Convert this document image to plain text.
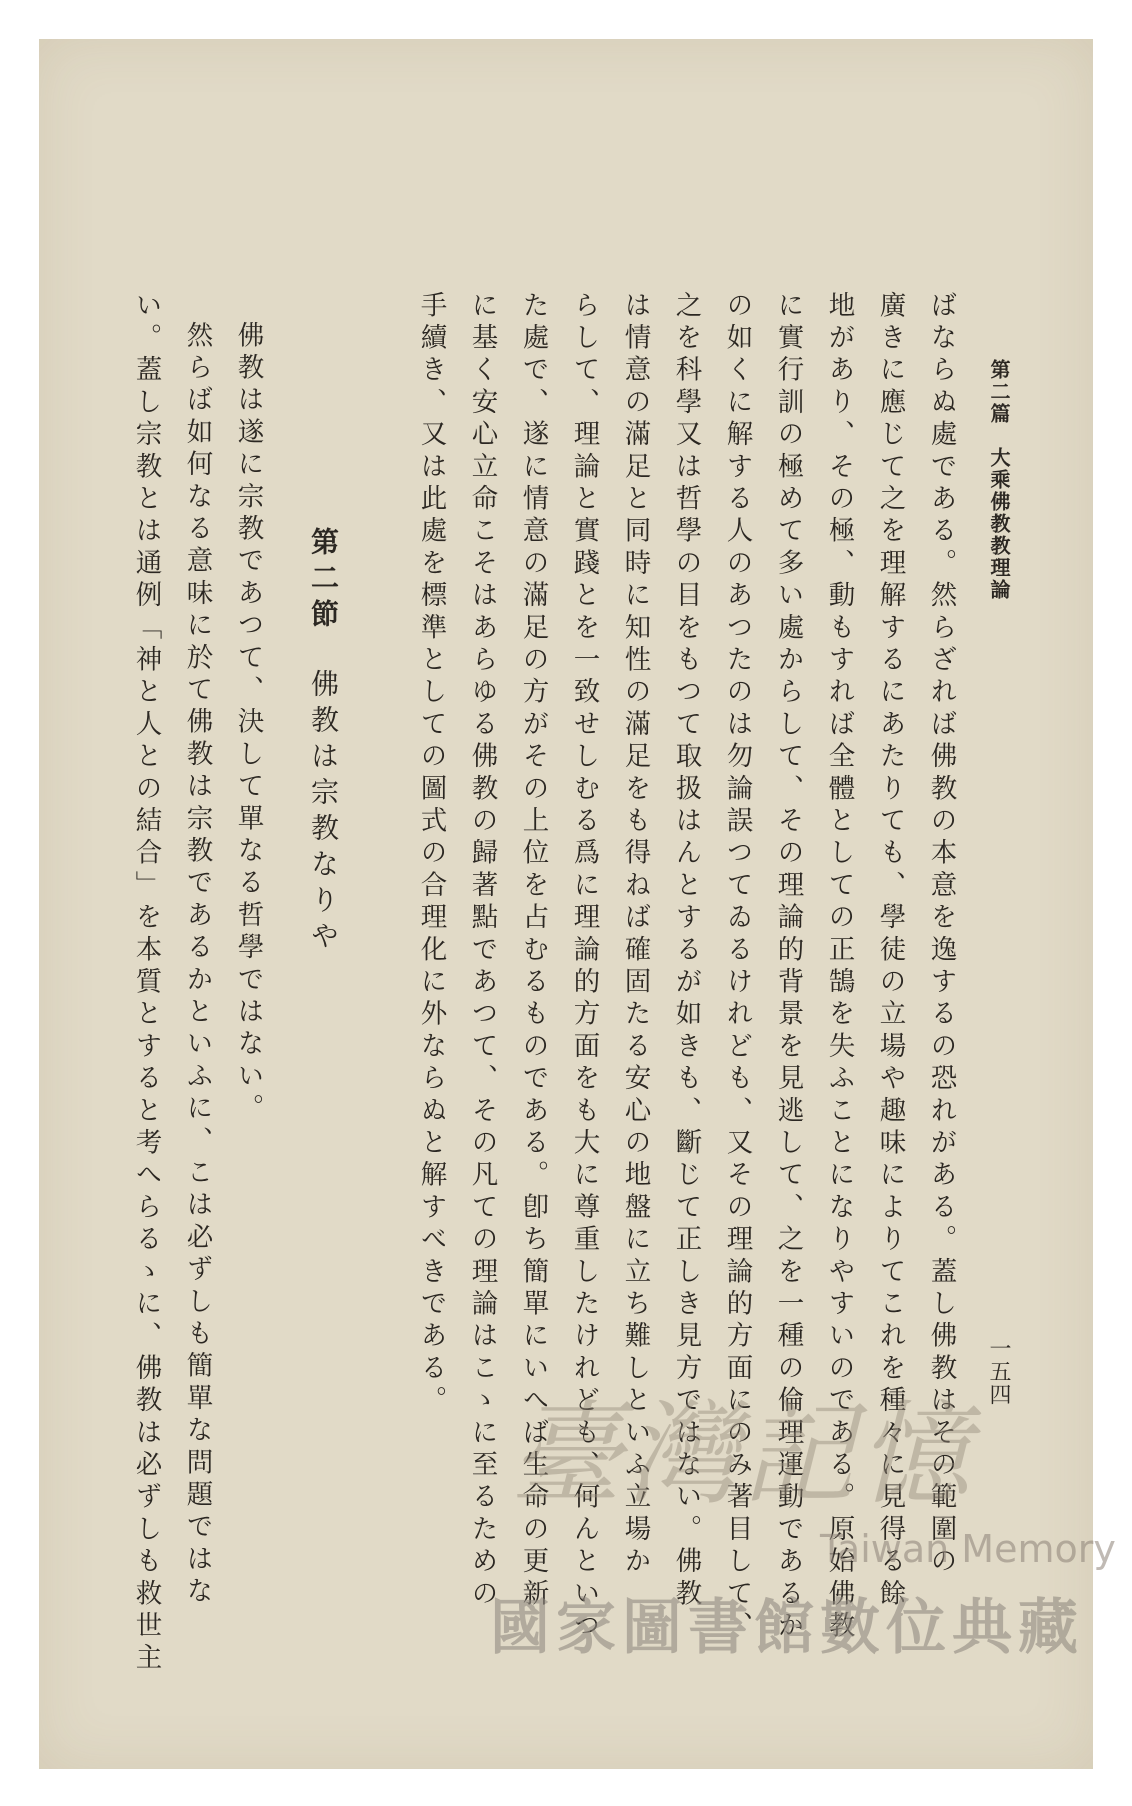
第二篇　大乘佛教教理論
一五四
ばならぬ處である。然らざれば佛教の本意を逸するの恐れがある。蓋し佛教はその範圍の
廣きに應じて之を理解するにあたりても、學徒の立場や趣味によりてこれを種々に見得る餘
地があり、その極、動もすれば全體としての正鵠を失ふことになりやすいのである。原始佛教
に實行訓の極めて多い處からして、その理論的背景を見逃して、之を一種の倫理運動であるか
の如くに解する人のあつたのは勿論誤つてゐるけれども、又その理論的方面にのみ著目して、
之を科學又は哲學の目をもつて取扱はんとするが如きも、斷じて正しき見方ではない。佛教
は情意の滿足と同時に知性の滿足をも得ねば確固たる安心の地盤に立ち難しといふ立場か
らして、理論と實踐とを一致せしむる爲に理論的方面をも大に尊重したけれども、何んといつ
た處で、遂に情意の滿足の方がその上位を占むるものである。卽ち簡單にいへば生命の更新
に基く安心立命こそはあらゆる佛教の歸著點であつて、その凡ての理論はこゝに至るための
手續き、又は此處を標準としての圖式の合理化に外ならぬと解すべきである。
第二節佛教は宗教なりや
佛教は遂に宗教であつて、決して單なる哲學ではない。
然らば如何なる意味に於て佛教は宗教であるかといふに、こは必ずしも簡單な問題ではな
い。蓋し宗教とは通例「神と人との結合」を本質とすると考へらるゝに、佛教は必ずしも救世主	臺灣記憶
Taiwan Memory
國家圖書館數位典藏
